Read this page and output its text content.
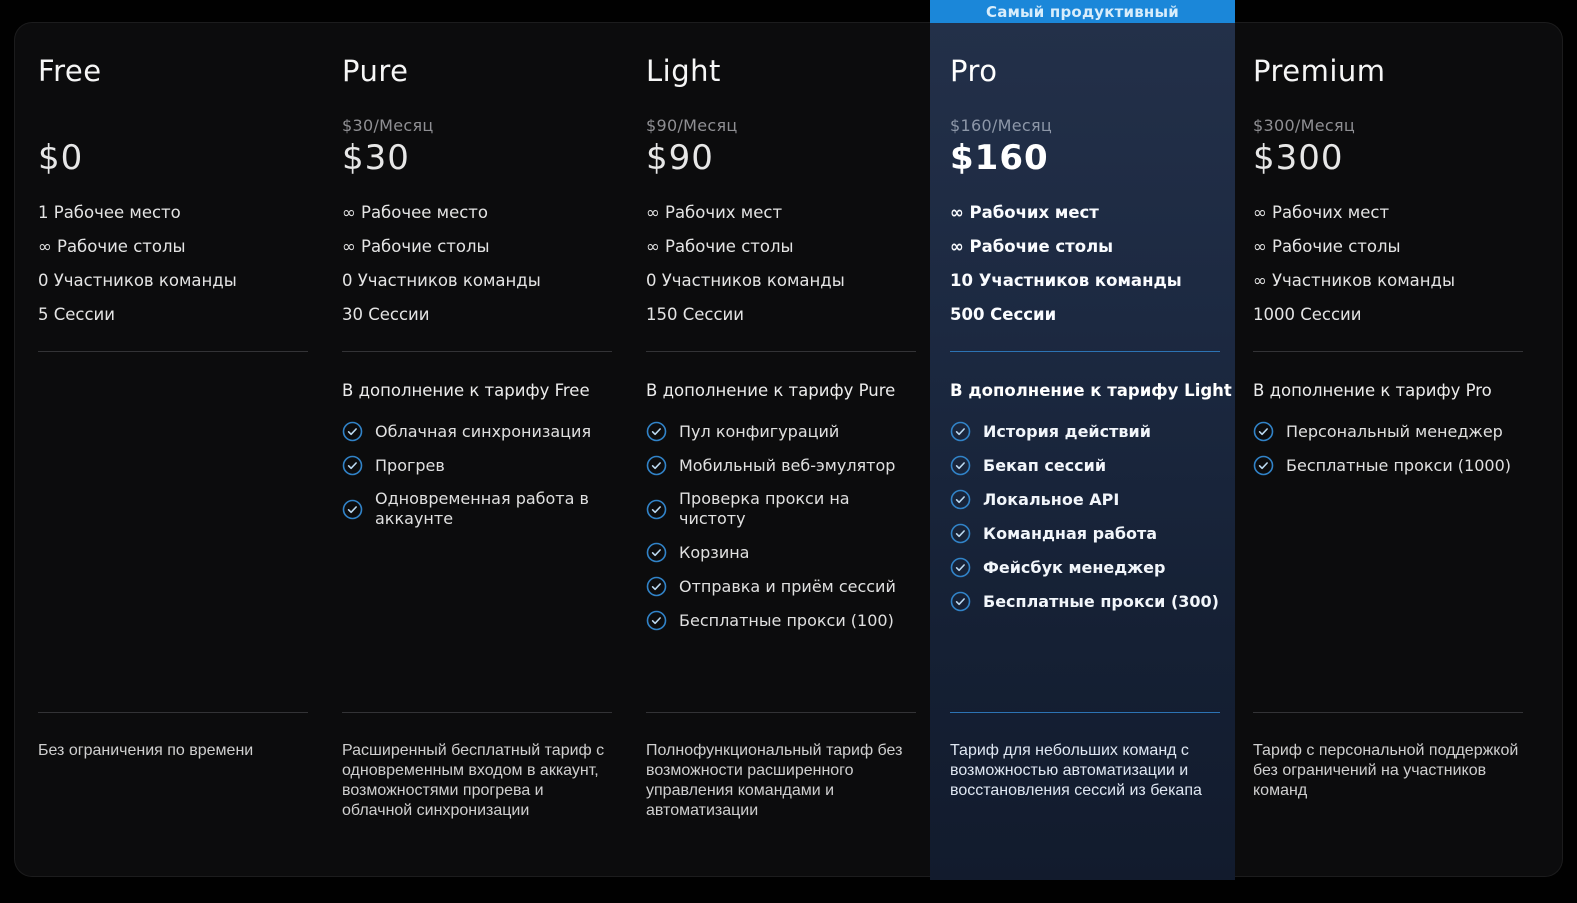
Самый продуктивный
Free
$0
1 Рабочее место
∞ Рабочие столы
0 Участников команды
5 Сессии
Без ограничения по времени
Pure
$30/Месяц
$30
∞ Рабочее место
∞ Рабочие столы
0 Участников команды
30 Сессии
В дополнение к тарифу Free
Облачная синхронизация
Прогрев
Одновременная работа в аккаунте
Расширенный бесплатный тариф с одновременным входом в аккаунт, возможностями прогрева и облачной синхронизации
Light
$90/Месяц
$90
∞ Рабочих мест
∞ Рабочие столы
0 Участников команды
150 Сессии
В дополнение к тарифу Pure
Пул конфигураций
Мобильный веб-эмулятор
Проверка прокси на чистоту
Корзина
Отправка и приём сессий
Бесплатные прокси (100)
Полнофункциональный тариф без возможности расширенного управления командами и автоматизации
Pro
$160/Месяц
$160
∞ Рабочих мест
∞ Рабочие столы
10 Участников команды
500 Сессии
В дополнение к тарифу Light
История действий
Бекап сессий
Локальное API
Командная работа
Фейсбук менеджер
Бесплатные прокси (300)
Тариф для небольших команд с возможностью автоматизации и восстановления сессий из бекапа
Premium
$300/Месяц
$300
∞ Рабочих мест
∞ Рабочие столы
∞ Участников команды
1000 Сессии
В дополнение к тарифу Pro
Персональный менеджер
Бесплатные прокси (1000)
Тариф с персональной поддержкой без ограничений на участников команд
